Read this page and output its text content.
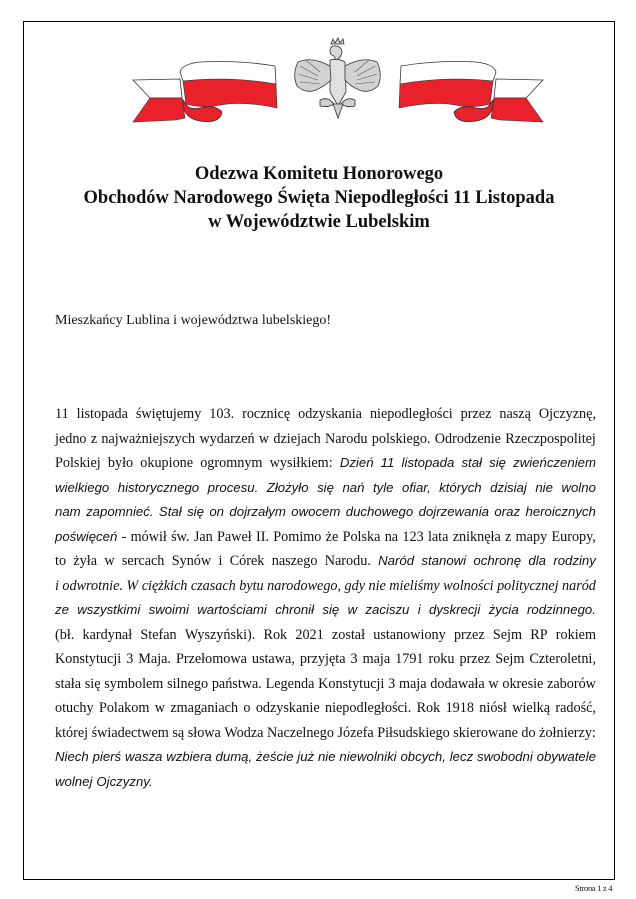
Odezwa Komitetu Honorowego
Obchodów Narodowego Święta Niepodległości 11 Listopada
w Województwie Lubelskim
Mieszkańcy Lublina i województwa lubelskiego!
11 listopada świętujemy 103. rocznicę odzyskania niepodległości przez naszą Ojczyznę,
jedno z najważniejszych wydarzeń w dziejach Narodu polskiego. Odrodzenie Rzeczpospolitej
Polskiej było okupione ogromnym wysiłkiem: Dzień 11 listopada stał się zwieńczeniem
wielkiego historycznego procesu. Złożyło się nań tyle ofiar, których dzisiaj nie wolno
nam zapomnieć. Stał się on dojrzałym owocem duchowego dojrzewania oraz heroicznych
poświęceń - mówił św. Jan Paweł II. Pomimo że Polska na 123 lata zniknęła z mapy Europy,
to żyła w sercach Synów i Córek naszego Narodu. Naród stanowi ochronę dla rodziny
i odwrotnie. W ciężkich czasach bytu narodowego, gdy nie mieliśmy wolności politycznej naród
ze wszystkimi swoimi wartościami chronił się w zaciszu i dyskrecji życia rodzinnego.
(bł. kardynał Stefan Wyszyński). Rok 2021 został ustanowiony przez Sejm RP rokiem
Konstytucji 3 Maja. Przełomowa ustawa, przyjęta 3 maja 1791 roku przez Sejm Czteroletni,
stała się symbolem silnego państwa. Legenda Konstytucji 3 maja dodawała w okresie zaborów
otuchy Polakom w zmaganiach o odzyskanie niepodległości. Rok 1918 niósł wielką radość,
której świadectwem są słowa Wodza Naczelnego Józefa Piłsudskiego skierowane do żołnierzy:
Niech pierś wasza wzbiera dumą, żeście już nie niewolniki obcych, lecz swobodni obywatele
wolnej Ojczyzny.
Strona 1 z 4
